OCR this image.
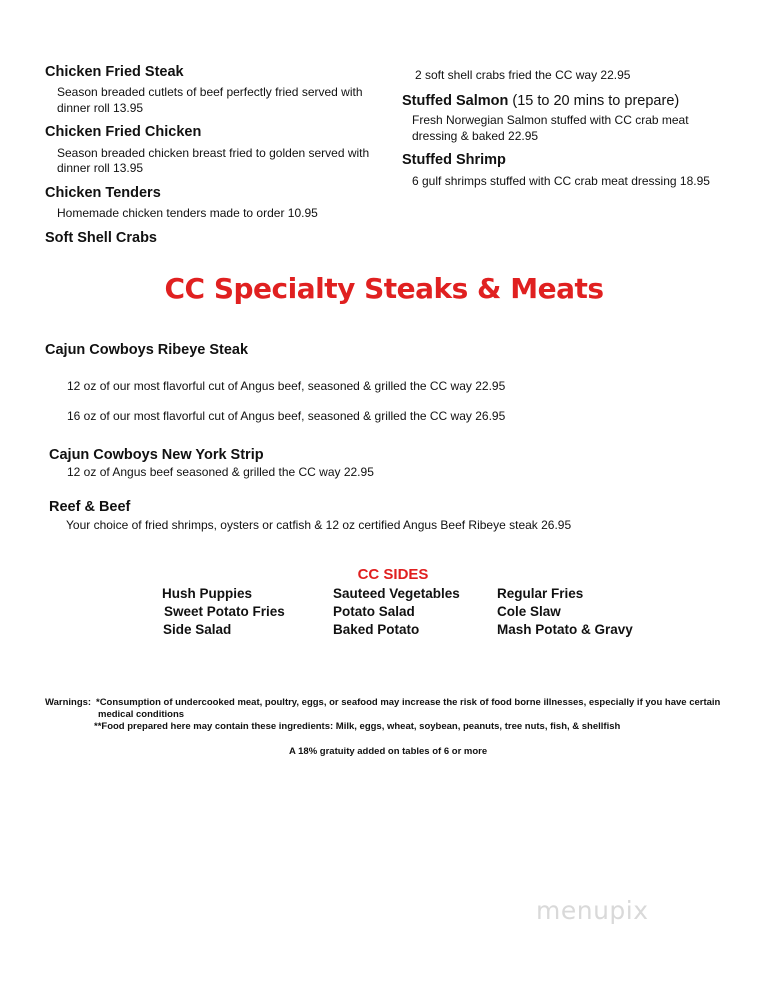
Chicken Fried Steak
Season breaded cutlets of beef perfectly fried served with
dinner roll 13.95
Chicken Fried Chicken
Season breaded chicken breast fried to golden served with
dinner roll 13.95
Chicken Tenders
Homemade chicken tenders made to order 10.95
Soft Shell Crabs
2 soft shell crabs fried the CC way 22.95
Stuffed Salmon (15 to 20 mins to prepare)
Fresh Norwegian Salmon stuffed with CC crab meat
dressing & baked 22.95
Stuffed Shrimp
6 gulf shrimps stuffed with CC crab meat dressing 18.95
CC Specialty Steaks & Meats
Cajun Cowboys Ribeye Steak
12 oz of our most flavorful cut of Angus beef, seasoned & grilled the CC way 22.95
16 oz of our most flavorful cut of Angus beef, seasoned & grilled the CC way 26.95
Cajun Cowboys New York Strip
12 oz of Angus beef seasoned & grilled the CC way 22.95
Reef & Beef
Your choice of fried shrimps, oysters or catfish & 12 oz certified Angus Beef Ribeye steak 26.95
CC SIDES
Hush Puppies
Sweet Potato Fries
Side Salad
Sauteed Vegetables
Potato Salad
Baked Potato
Regular Fries
Cole Slaw
Mash Potato & Gravy
Warnings: *Consumption of undercooked meat, poultry, eggs, or seafood may increase the risk of food borne illnesses, especially if you have certain
medical conditions
**Food prepared here may contain these ingredients: Milk, eggs, wheat, soybean, peanuts, tree nuts, fish, & shellfish
A 18% gratuity added on tables of 6 or more
menupix
